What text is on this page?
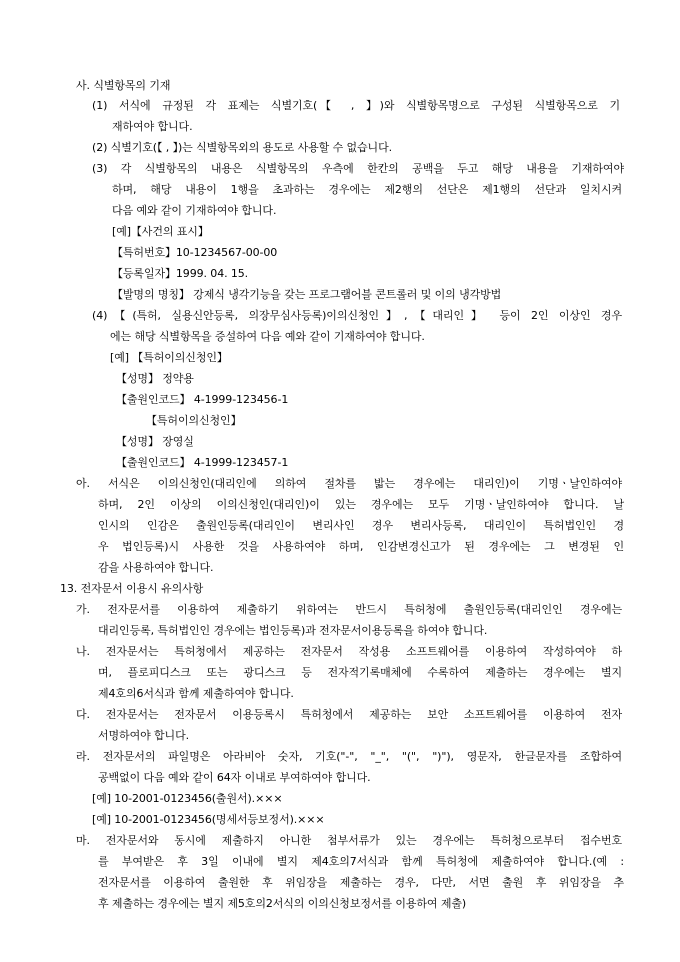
사. 식별항목의 기재
(1) 서식에 규정된 각 표제는 식별기호(【 , 】)와 식별항목명으로 구성된 식별항목으로 기
재하여야 합니다.
(2) 식별기호(【 , 】)는 식별항목외의 용도로 사용할 수 없습니다.
(3) 각 식별항목의 내용은 식별항목의 우측에 한칸의 공백을 두고 해당 내용을 기재하여야
하며, 해당 내용이 1행을 초과하는 경우에는 제2행의 선단은 제1행의 선단과 일치시켜
다음 예와 같이 기재하여야 합니다.
[예]【사건의 표시】
【특허번호】10-1234567-00-00
【등록일자】1999. 04. 15.
【발명의 명칭】 강제식 냉각기능을 갖는 프로그램어블 콘트롤러 및 이의 냉각방법
(4)【(특허, 실용신안등록, 의장무심사등록)이의신청인】,【대리인】 등이 2인 이상인 경우
에는 해당 식별항목을 증설하여 다음 예와 같이 기재하여야 합니다.
[예] 【특허이의신청인】
【성명】 정약용
【출원인코드】 4-1999-123456-1
【특허이의신청인】
【성명】 장영실
【출원인코드】 4-1999-123457-1
아. 서식은 이의신청인(대리인에 의하여 절차를 밟는 경우에는 대리인)이 기명ㆍ날인하여야
하며, 2인 이상의 이의신청인(대리인)이 있는 경우에는 모두 기명ㆍ날인하여야 합니다. 날
인시의 인감은 출원인등록(대리인이 변리사인 경우 변리사등록, 대리인이 특허법인인 경
우 법인등록)시 사용한 것을 사용하여야 하며, 인감변경신고가 된 경우에는 그 변경된 인
감을 사용하여야 합니다.
13. 전자문서 이용시 유의사항
가. 전자문서를 이용하여 제출하기 위하여는 반드시 특허청에 출원인등록(대리인인 경우에는
대리인등록, 특허법인인 경우에는 법인등록)과 전자문서이용등록을 하여야 합니다.
나. 전자문서는 특허청에서 제공하는 전자문서 작성용 소프트웨어를 이용하여 작성하여야 하
며, 플로피디스크 또는 광디스크 등 전자적기록매체에 수록하여 제출하는 경우에는 별지
제4호의6서식과 함께 제출하여야 합니다.
다. 전자문서는 전자문서 이용등록시 특허청에서 제공하는 보안 소프트웨어를 이용하여 전자
서명하여야 합니다.
라. 전자문서의 파일명은 아라비아 숫자, 기호("-", "_", "(", ")"), 영문자, 한글문자를 조합하여
공백없이 다음 예와 같이 64자 이내로 부여하여야 합니다.
[예] 10-2001-0123456(출원서).×××
[예] 10-2001-0123456(명세서등보정서).×××
마. 전자문서와 동시에 제출하지 아니한 첨부서류가 있는 경우에는 특허청으로부터 접수번호
를 부여받은 후 3일 이내에 별지 제4호의7서식과 함께 특허청에 제출하여야 합니다.(예 :
전자문서를 이용하여 출원한 후 위임장을 제출하는 경우, 다만, 서면 출원 후 위임장을 추
후 제출하는 경우에는 별지 제5호의2서식의 이의신청보정서를 이용하여 제출)
